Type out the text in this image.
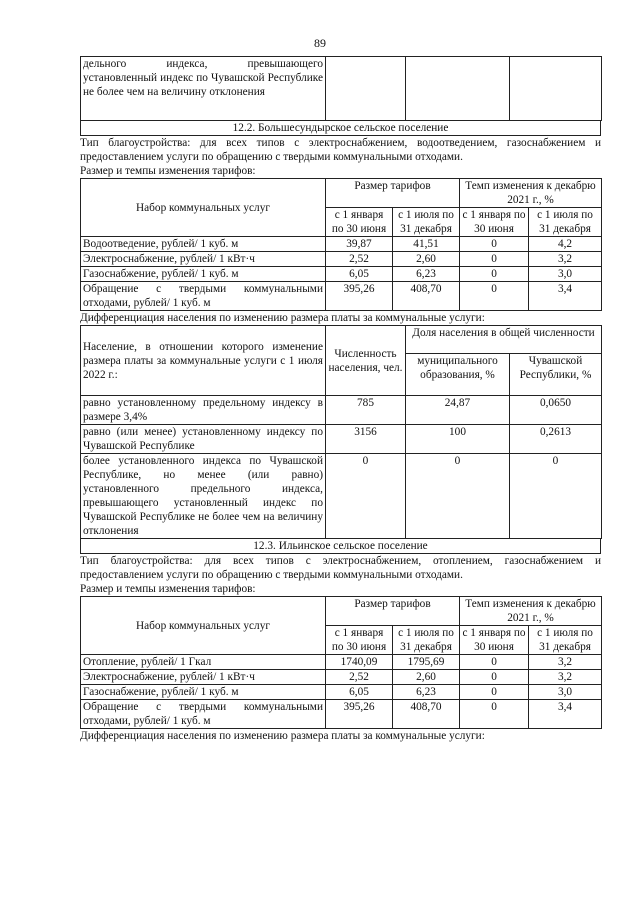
89
дельного индекса, превышающего установленный индекс по Чувашской Республике не более чем на величину отклонения			
12.2. Большесундырское сельское поселение
Тип благоустройства: для всех типов с электроснабжением, водоотведением, газоснабжением и предоставлением услуги по обращению с твердыми коммунальными отходами.
Размер и темпы изменения тарифов:
Набор коммунальных услуг	Размер тарифов		Темп изменения к декабрю 2021 г., %	
	с 1 января по 30 июня	с 1 июля по 31 декабря	с 1 января по 30 июня	с 1 июля по 31 декабря
Водоотведение, рублей/ 1 куб. м	39,87	41,51	0	4,2
Электроснабжение, рублей/ 1 кВт·ч	2,52	2,60	0	3,2
Газоснабжение, рублей/ 1 куб. м	6,05	6,23	0	3,0
Обращение с твердыми коммунальными отходами, рублей/ 1 куб. м	395,26	408,70	0	3,4
Дифференциация населения по изменению размера платы за коммунальные услуги:
Население, в отношении которого изменение размера платы за коммунальные услуги с 1 июля 2022 г.:	Численность населения, чел.	Доля населения в общей численности	
		муниципального образования, %	Чувашской Республики, %
равно установленному предельному индексу в размере 3,4%	785	24,87	0,0650
равно (или менее) установленному индексу по Чувашской Республике	3156	100	0,2613
более установленного индекса по Чувашской Республике, но менее (или равно) установленного предельного индекса, превышающего установленный индекс по Чувашской Республике не более чем на величину отклонения	0	0	0
12.3. Ильинское сельское поселение
Тип благоустройства: для всех типов с электроснабжением, отоплением, газоснабжением и предоставлением услуги по обращению с твердыми коммунальными отходами.
Размер и темпы изменения тарифов:
Набор коммунальных услуг	Размер тарифов		Темп изменения к декабрю 2021 г., %	
	с 1 января по 30 июня	с 1 июля по 31 декабря	с 1 января по 30 июня	с 1 июля по 31 декабря
Отопление, рублей/ 1 Гкал	1740,09	1795,69	0	3,2
Электроснабжение, рублей/ 1 кВт·ч	2,52	2,60	0	3,2
Газоснабжение, рублей/ 1 куб. м	6,05	6,23	0	3,0
Обращение с твердыми коммунальными отходами, рублей/ 1 куб. м	395,26	408,70	0	3,4
Дифференциация населения по изменению размера платы за коммунальные услуги:
